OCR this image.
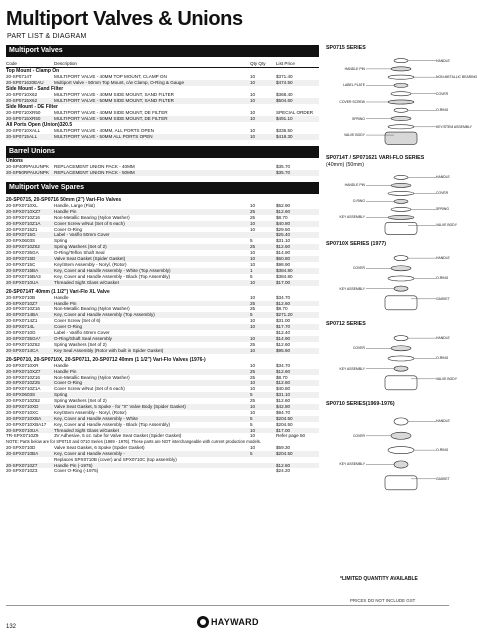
Multiport Valves & Unions
PART LIST & DIAGRAM
Multiport Valves
Code	Description	Qty Qty	List Price
Top Mount - Clamp On
20-SP0714T	MULTIPORT VALVE - 40MM TOP MOUNT, CLAMP ON	10	$371.40
20-SP071620EAU	Multiport Valve - 50mm Top Mount, c/w Clamp, O-Ring & Gauge	10	$474.50
Side Mount - Sand Filter
20-SP0710X62	MULTIPORT VALVE - 40MM SIDE MOUNT, SAND FILTER	10	$368.40
20-SP0715X62	MULTIPORT VALVE - 50MM SIDE MOUNT, SAND FILTER	10	$504.60
Side Mount - DE Filter
20-SP0710XR50	MULTIPORT VALVE - 40MM SIDE MOUNT, DE FILTER	10	SPECIAL ORDER
20-SP0715XR50	MULTIPORT VALVE - 50MM SIDE MOUNT, DE FILTER	10	$491.10
All Ports Open (Union)320.5
20-SP0710XALL	MULTIPORT VALVE - 40MM, ALL PORTS OPEN	10	$336.50
20-SP0715ALL	MULTIPORT VALVE - 50MM ALL PORTS OPEN	10	$418.30
Barrel Unions
Unions
20-SP40RPAUUNPK	REPLACEMENT UNION PACK - 40MM	$35.70
20-SP50RPAUUNPK	REPLACEMENT UNION PACK - 50MM	$35.70
Multiport Valve Spares
20-SP0715, 20-SP0716 50mm (2") Vari-Flo Valves
20-SPX0710XL	Handle, Large (Flat)	10	$52.90
20-SPX0710XZ7	Handle Pin	25	$12.60
20-SPX0710Z16	Non-Metallic Bearing (Nylon Washer)	25	$8.70
20-SPX0710Z1A	Cover Screw w/Nut (Set of 6 each)	10	$40.80
20-SPX0715Z1	Cover O-Ring	10	$29.50
20-SPX0715G	Label - Variflo 50mm Cover	$25.40
20-SPX0603S	Spring	5	$31.10
20-SPX0710Z62	Spring Washers (Set of 2)	25	$12.60
20-SPX0735GA	O-Ring/Teflon Shaft Seal	10	$14.90
20-SPX0715D	Valve Seat Gasket (Spider Gasket)	10	$60.80
20-SPX0715C	Key/Stem Assembly - Noryl, (Rotor)	10	$98.90
20-SPX0715BA	Key, Cover and Handle Assembly - White (Top Assembly)	1	$384.80
20-SPX0715BA3	Key, Cover and Handle Assembly - Black (Top Assembly)	5	$384.80
20-SPX0710UA	Threaded Sight Glass w/Gasket	10	$17.00
20-SP0714T 40mm (1 1/2") Vari-Flo XL Valve
20-SPX0710B	Handle	10	$34.70
20-SPX0710Z7	Handle Pin	25	$12.60
20-SPX0710Z16	Non-Metallic Bearing (Nylon Washer)	25	$8.70
20-SPX0714BA	Key, Cover and Handle Assembly (Top Assembly)	5	$271.20
20-SPX0714Z1	Cover Screw (Set of 6)	10	$31.00
20-SPX0714L	Cover O-Ring	10	$17.70
20-SPX0710G	Label - Variflo 40mm Cover	$12.40
20-SPX0735GA*	O-Ring/Shaft Seal Assembly	10	$14.90
20-SPX0710Z62	Spring Washers (Set of 2)	25	$12.60
20-SPX0714CA	Key Seal Assembly (Rotor with built in Spider Gasket)	10	$95.60
20-SP0710, 20-SP0710X, 20-SP0711, 20-SP0712 40mm (1 1/2") Vari-Flo Valves (1976-)
20-SPX0710XR	Handle	10	$34.70
20-SPX0710XZ7	Handle Pin	25	$12.60
20-SPX0710Z16	Non-Metallic Bearing (Nylon Washer)	25	$8.70
20-SPX0710Z25	Cover O-Ring	10	$12.60
20-SPX0710Z1A	Cover Screw w/Nut (Set of 6 each)	10	$40.80
20-SPX0603S	Spring	5	$31.10
20-SPX0710Z62	Spring Washers (Set of 2)	25	$12.60
20-SPX0710XD	Valve Seat Gasket, 5 Spoke - for "X" Valve Body (Spider Gasket)	10	$42.80
20-SPX0710XC	Key/Stem Assembly - Noryl, (Rotor)	10	$94.70
20-SPX0710XBA	Key, Cover and Handle Assembly - White	5	$204.50
20-SPX0710XBA17	Key, Cover and Handle Assembly - Black (Top Assembly)	5	$204.50
20-SPX0710UA	Threaded Sight Glass w/Gasket	10	$17.00
TR-SPX0710Z9	3V Adhesive, 5 oz. tube for Valve Seat Gasket (Spider Gasket)	10	Refer page 50
NOTE: Parts below are for SP0710 and 0710 Series (1969 - 1976). These parts are NOT interchangeable with current production models.
20-SPX0710D	Valve Seat Gasket, 6 Spoke (Spider Gasket)	10	$59.30
20-SPX0710BA	Key, Cover and Handle Assembly -	5	$204.50
Replaces SPX0710B (cover) and SPX0710C (top assembly)
20-SPX0710Z7	Handle Pin (-1975)	$12.60
20-SPX0710Z3	Cover O-Ring (-1975)	$24.20
SP0715 SERIES
HANDLE
HANDLE PIN
NON-METALLIC BEARING
LABEL PLATE
COVER
COVER SCREW
O-RING
SPRING
KEY/STEM ASSEMBLY
VALVE BODY
SP0714T / SP071621 VARI-FLO SERIES
(40mm) (50mm)
HANDLE
HANDLE PIN
COVER
O-RING
SPRING
KEY ASSEMBLY
VALVE BODY
SP0710X SERIES (1977)
HANDLE
COVER
O-RING
KEY ASSEMBLY
GASKET
SP0712 SERIES
HANDLE
COVER
O-RING
KEY ASSEMBLY
VALVE BODY
SP0710 SERIES(1969-1976)
HANDLE
COVER
O-RING
KEY ASSEMBLY
GASKET
*LIMITED QUANTITY AVAILABLE
PRICES DO NOT INCLUDE GST
132	HAYWARD
